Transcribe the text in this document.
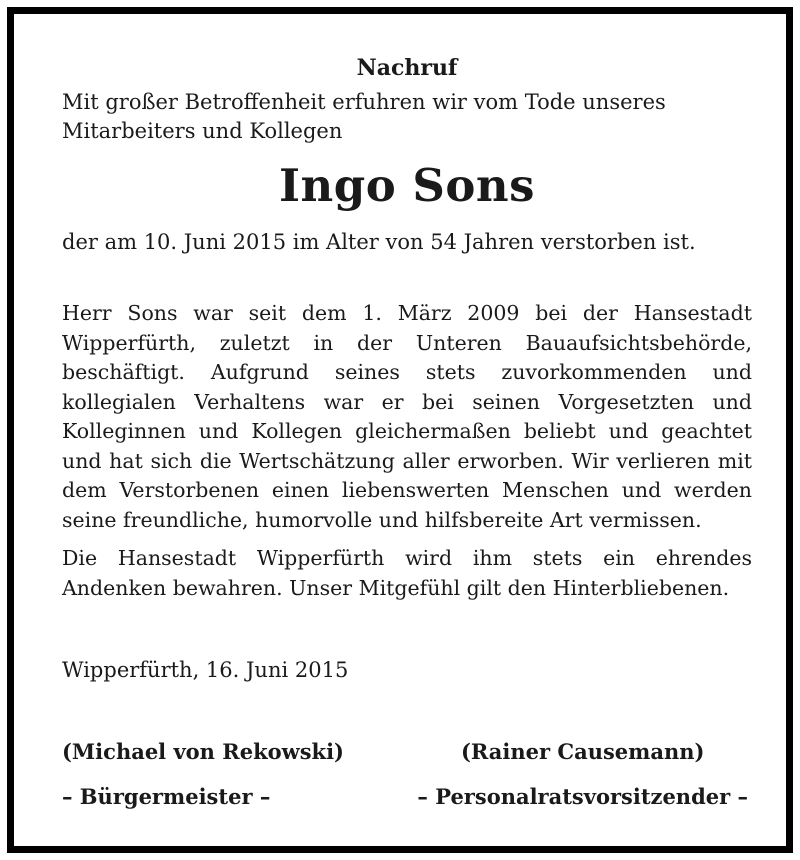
Nachruf

Mit großer Betroffenheit erfuhren wir vom Tode unseres

Mitarbeiters und Kollegen

Ingo Sons

der am 10. Juni 2015 im Alter von 54 Jahren verstorben ist.

Herr Sons war seit dem 1. März 2009 bei der Hansestadt Wipperfürth, zuletzt in der Unteren Bauaufsichtsbehörde, beschäftigt. Aufgrund seines stets zuvorkommenden und kollegialen Verhaltens war er bei seinen Vorgesetzten und Kolleginnen und Kollegen gleichermaßen beliebt und geachtet und hat sich die Wertschätzung aller erworben. Wir verlieren mit dem Verstorbenen einen liebenswerten Menschen und werden seine freundliche, humorvolle und hilfsbereite Art vermissen.

Die Hansestadt Wipperfürth wird ihm stets ein ehrendes Andenken bewahren. Unser Mitgefühl gilt den Hinterbliebenen.

Wipperfürth, 16. Juni 2015

(Michael von Rekowski)
– Bürgermeister –
(Rainer Causemann)
– Personalratsvorsitzender –
